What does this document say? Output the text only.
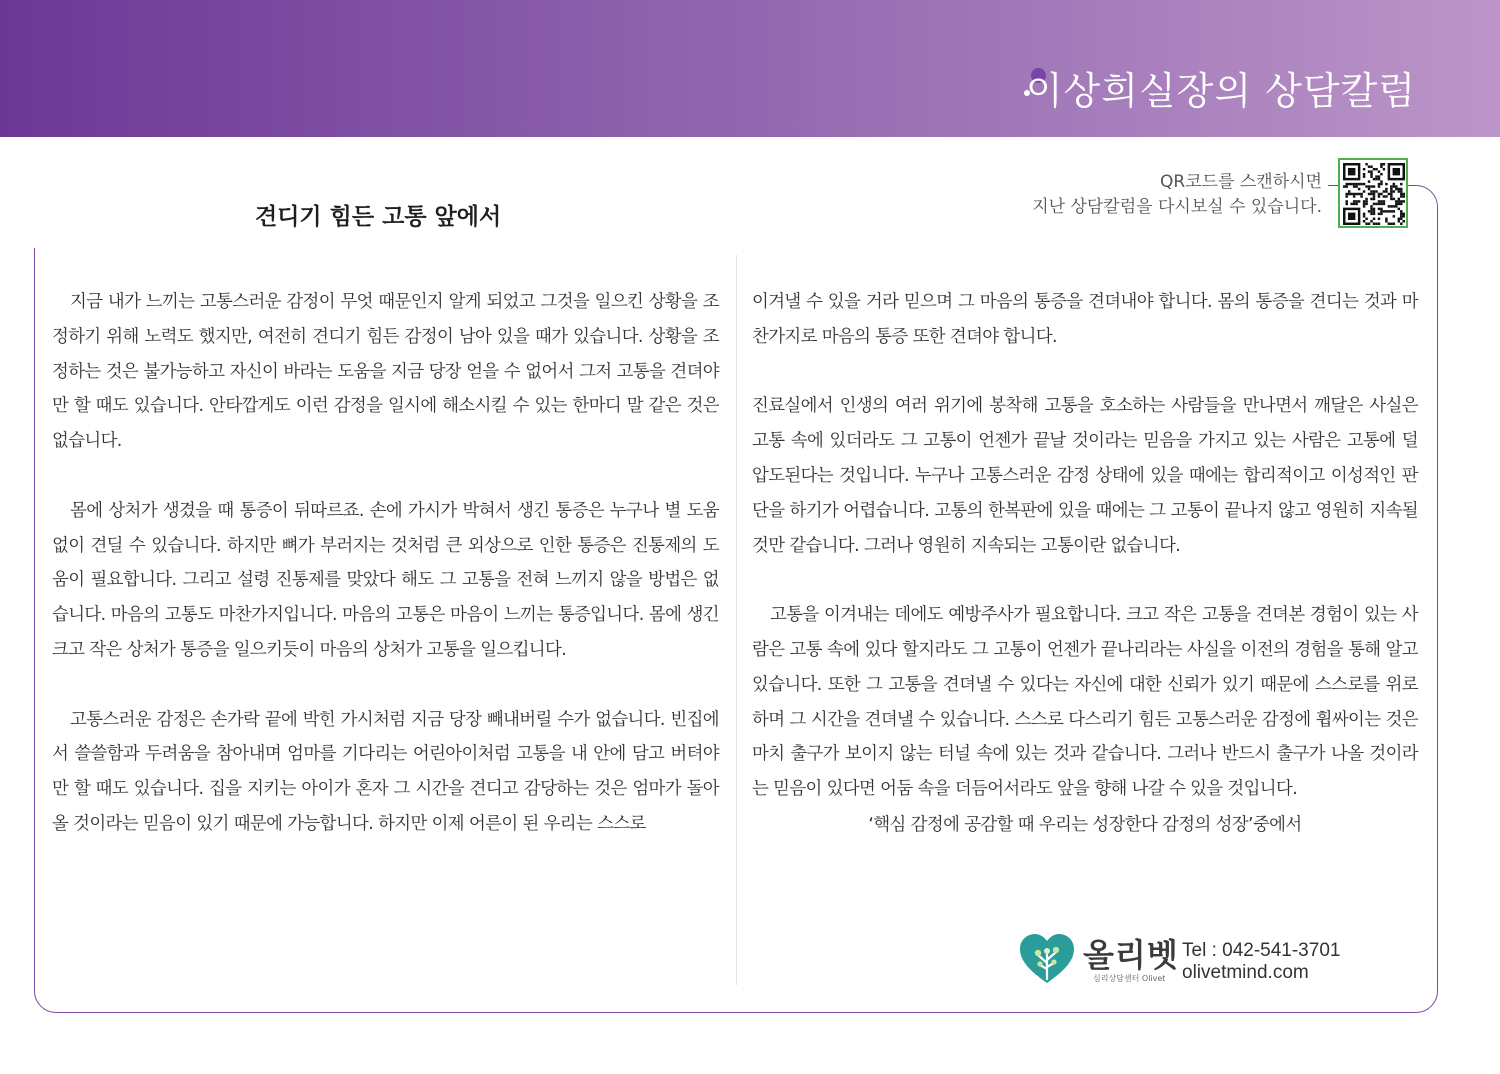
이상희실장의 상담칼럼
견디기 힘든 고통 앞에서
QR코드를 스캔하시면
지난 상담칼럼을 다시보실 수 있습니다.

지금 내가 느끼는 고통스러운 감정이 무엇 때문인지 알게 되었고 그것을 일으킨 상황을 조정하기 위해 노력도 했지만, 여전히 견디기 힘든 감정이 남아 있을 때가 있습니다. 상황을 조정하는 것은 불가능하고 자신이 바라는 도움을 지금 당장 얻을 수 없어서 그저 고통을 견뎌야만 할 때도 있습니다. 안타깝게도 이런 감정을 일시에 해소시킬 수 있는 한마디 말 같은 것은 없습니다.

몸에 상처가 생겼을 때 통증이 뒤따르죠. 손에 가시가 박혀서 생긴 통증은 누구나 별 도움 없이 견딜 수 있습니다. 하지만 뼈가 부러지는 것처럼 큰 외상으로 인한 통증은 진통제의 도움이 필요합니다. 그리고 설령 진통제를 맞았다 해도 그 고통을 전혀 느끼지 않을 방법은 없습니다. 마음의 고통도 마찬가지입니다. 마음의 고통은 마음이 느끼는 통증입니다. 몸에 생긴 크고 작은 상처가 통증을 일으키듯이 마음의 상처가 고통을 일으킵니다.

고통스러운 감정은 손가락 끝에 박힌 가시처럼 지금 당장 빼내버릴 수가 없습니다. 빈집에서 쓸쓸함과 두려움을 참아내며 엄마를 기다리는 어린아이처럼 고통을 내 안에 담고 버텨야만 할 때도 있습니다. 집을 지키는 아이가 혼자 그 시간을 견디고 감당하는 것은 엄마가 돌아올 것이라는 믿음이 있기 때문에 가능합니다. 하지만 이제 어른이 된 우리는 스스로

이겨낼 수 있을 거라 믿으며 그 마음의 통증을 견뎌내야 합니다. 몸의 통증을 견디는 것과 마찬가지로 마음의 통증 또한 견뎌야 합니다.

진료실에서 인생의 여러 위기에 봉착해 고통을 호소하는 사람들을 만나면서 깨달은 사실은 고통 속에 있더라도 그 고통이 언젠가 끝날 것이라는 믿음을 가지고 있는 사람은 고통에 덜 압도된다는 것입니다. 누구나 고통스러운 감정 상태에 있을 때에는 합리적이고 이성적인 판단을 하기가 어렵습니다. 고통의 한복판에 있을 때에는 그 고통이 끝나지 않고 영원히 지속될 것만 같습니다. 그러나 영원히 지속되는 고통이란 없습니다.

고통을 이겨내는 데에도 예방주사가 필요합니다. 크고 작은 고통을 견뎌본 경험이 있는 사람은 고통 속에 있다 할지라도 그 고통이 언젠가 끝나리라는 사실을 이전의 경험을 통해 알고 있습니다. 또한 그 고통을 견뎌낼 수 있다는 자신에 대한 신뢰가 있기 때문에 스스로를 위로하며 그 시간을 견뎌낼 수 있습니다. 스스로 다스리기 힘든 고통스러운 감정에 휩싸이는 것은 마치 출구가 보이지 않는 터널 속에 있는 것과 같습니다. 그러나 반드시 출구가 나올 것이라는 믿음이 있다면 어둠 속을 더듬어서라도 앞을 향해 나갈 수 있을 것입니다.

‘핵심 감정에 공감할 때 우리는 성장한다 감정의 성장’중에서
올리벳
심리상담센터 Olivet
Tel : 042-541-3701
olivetmind.com
